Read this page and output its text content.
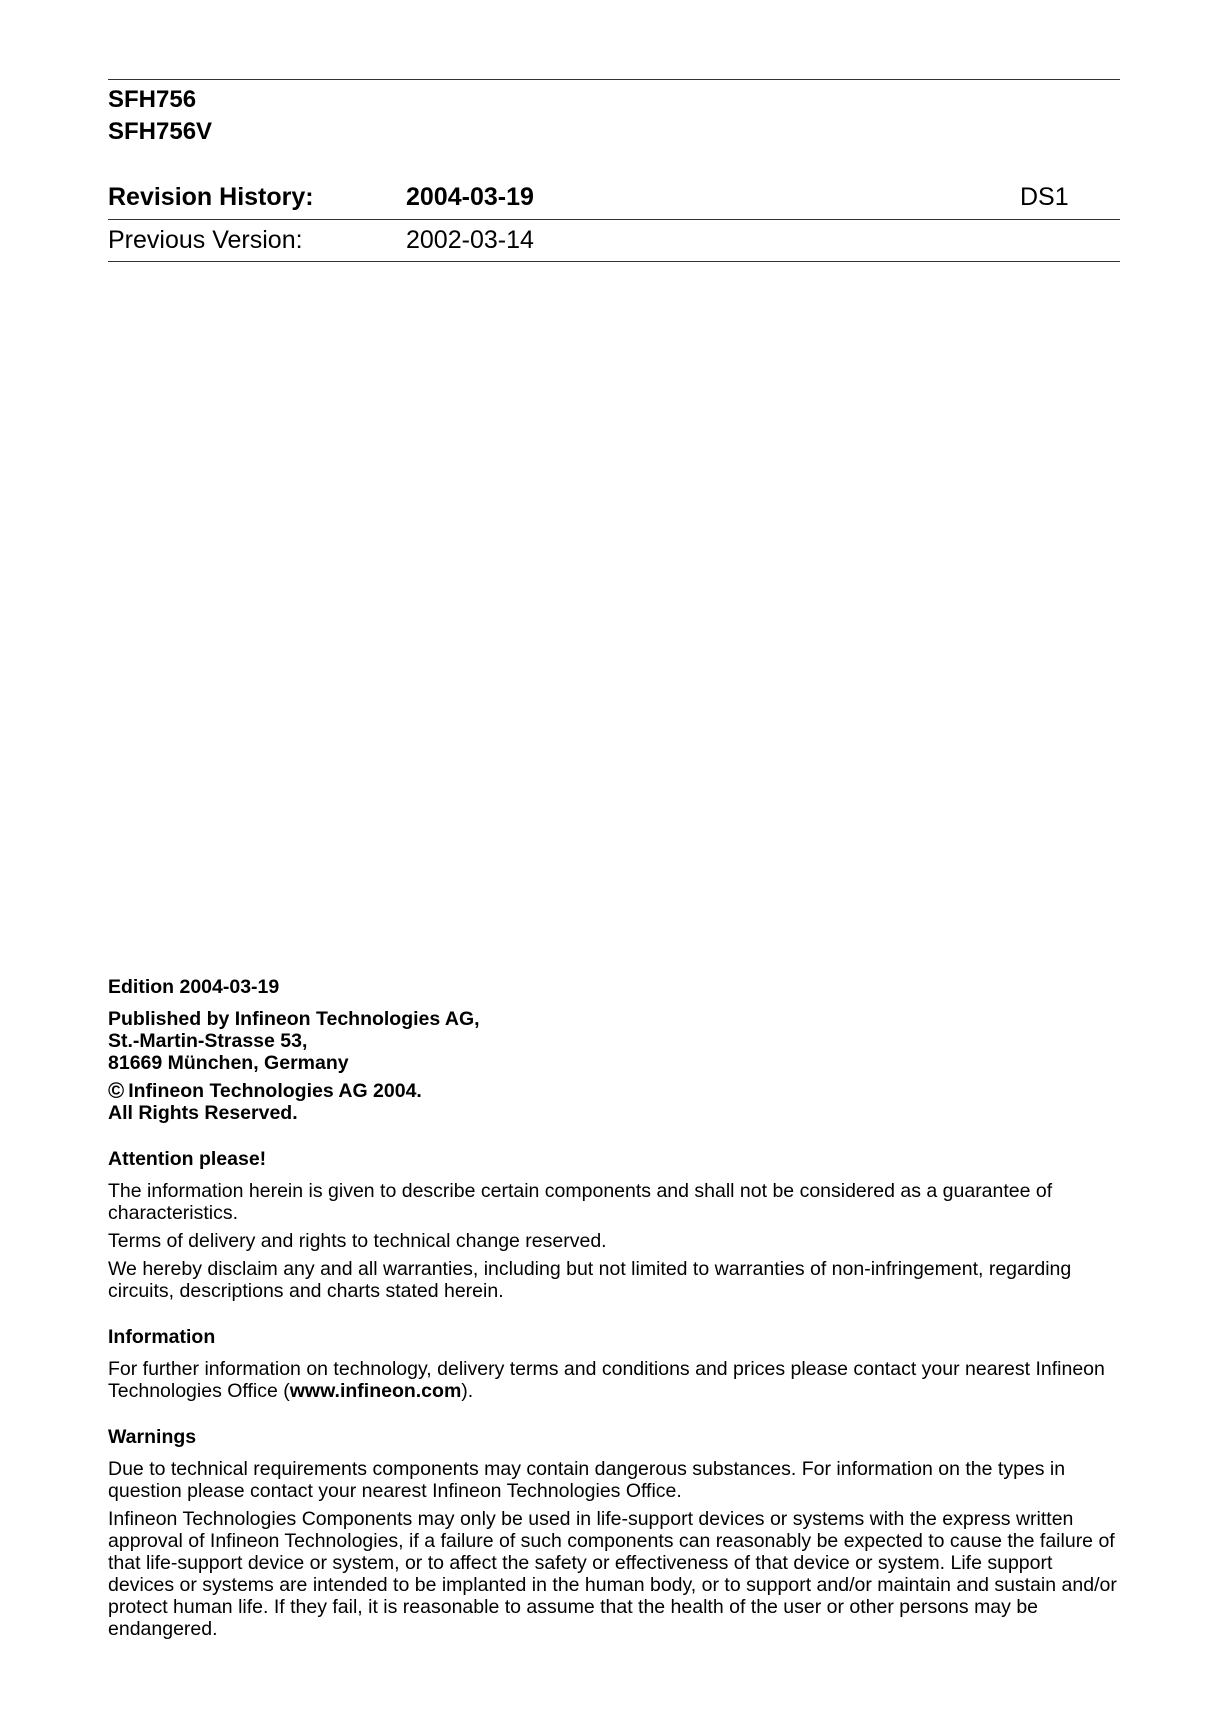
SFH756
SFH756V
Revision History:	2004-03-19	DS1
Previous Version:	2002-03-14

Edition 2004-03-19

Published by Infineon Technologies AG,

St.-Martin-Strasse 53,

81669 München, Germany

© Infineon Technologies AG 2004.

All Rights Reserved.

Attention please!

The information herein is given to describe certain components and shall not be considered as a guarantee of characteristics.

Terms of delivery and rights to technical change reserved.

We hereby disclaim any and all warranties, including but not limited to warranties of non-infringement, regarding circuits, descriptions and charts stated herein.

Information

For further information on technology, delivery terms and conditions and prices please contact your nearest Infineon Technologies Office (www.infineon.com).

Warnings

Due to technical requirements components may contain dangerous substances. For information on the types in question please contact your nearest Infineon Technologies Office.

Infineon Technologies Components may only be used in life-support devices or systems with the express written approval of Infineon Technologies, if a failure of such components can reasonably be expected to cause the failure of that life-support device or system, or to affect the safety or effectiveness of that device or system. Life support devices or systems are intended to be implanted in the human body, or to support and/or maintain and sustain and/or protect human life. If they fail, it is reasonable to assume that the health of the user or other persons may be endangered.
